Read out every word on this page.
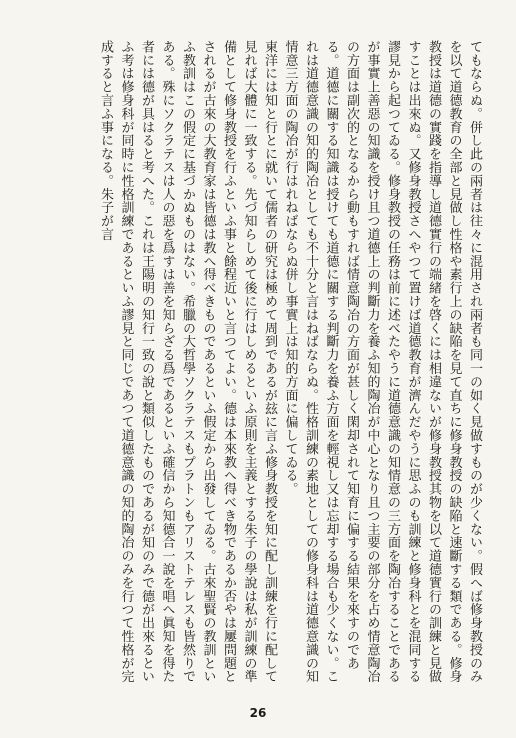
てもならぬ。併し此の兩者は往々に混用され兩者も同一の如く見做すものが少くない。假へば修身教授のみを以て道德教育の全部と見做し性格や素行上の缺陥を見て直ちに修身教授の缺陥と速斷する類である。修身教授は道德の實踐を指導し道德實行の端緒を啓くには相違ないが修身教授其物を以て道德實行の訓練と見做すことは出來ぬ。又修身教授さへやつて置けば道德教育が濟んだやうに思ふのも訓練と修身科とを混同する謬見から起つてゐる。修身教授の任務は前に述べたやうに道德意識の知情意の三方面を陶冶することであるが事實上善惡の知識を授け且つ道德上の判斷力を養ふ知的陶冶が中心となり且つ主要の部分を占め情意陶冶の方面は副次的となるから動もすれば情意陶冶の方面が甚しく閑却されて知育に偏する結果を來すのである。道德に關する知識は授けても道德に關する判斷力を養ふ方面を輕視し又は忘却する場合も少くない。これは道德意識の知的陶冶としても不十分と言はねばならぬ。性格訓練の素地としての修身科は道德意識の知情意三方面の陶冶が行はれねばならぬ併し事實上は知的方面に偏してゐる。

東洋には知と行とに就いて儒者の研究は極めて周到であるが玆に言ふ修身教授を知に配し訓練を行に配して見れば大體に一致する。先づ知らしめて後に行はしめるといふ原則を主義とする朱子の學說は私が訓練の準備として修身教授を行ふといふ事と餘程近いと言つてよい。德は本來教へ得べき物であるか否やは屢問題とされるが古來の大教育家は皆德は教へ得べきものであるといふ假定から出發してゐる。古來聖賢の教訓といふ教訓はこの假定に基づかぬものはない。希臘の大哲學ソクラテスもプラトンもアリストテレスも皆然りである。殊にソクラテスは人の惡を爲すは善を知らざる爲であるといふ確信から知德合一說を唱へ眞知を得た者には德が具はると考へた。これは王陽明の知行一致の說と類似したものであるが知のみで德が出來るといふ考は修身科が同時に性格訓練であるといふ謬見と同じであつて道德意識の知的陶冶のみを行つて性格が完成すると言ふ事になる。朱子が言

26
